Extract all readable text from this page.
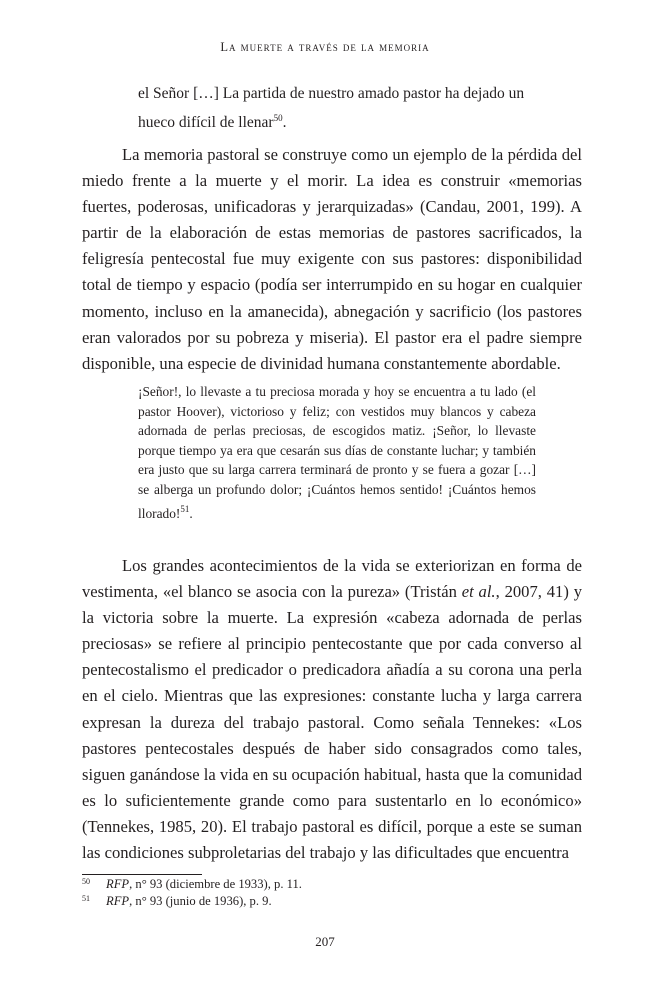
La muerte a través de la memoria
el Señor […] La partida de nuestro amado pastor ha dejado un hueco difícil de llenar$^{50}$.

La memoria pastoral se construye como un ejemplo de la pérdida del miedo frente a la muerte y el morir. La idea es construir «memorias fuertes, poderosas, unificadoras y jerarquizadas» (Candau, 2001, 199). A partir de la elaboración de estas memorias de pastores sacrificados, la feligresía pentecostal fue muy exigente con sus pastores: disponibilidad total de tiempo y espacio (podía ser interrumpido en su hogar en cualquier momento, incluso en la amanecida), abnegación y sacrificio (los pastores eran valorados por su pobreza y miseria). El pastor era el padre siempre disponible, una especie de divinidad humana constantemente abordable.

¡Señor!, lo llevaste a tu preciosa morada y hoy se encuentra a tu lado (el pastor Hoover), victorioso y feliz; con vestidos muy blancos y cabeza adornada de perlas preciosas, de escogidos matiz. ¡Señor, lo llevaste porque tiempo ya era que cesarán sus días de constante luchar; y también era justo que su larga carrera terminará de pronto y se fuera a gozar […] se alberga un profundo dolor; ¡Cuántos hemos sentido! ¡Cuántos hemos llorado!$^{51}$.

Los grandes acontecimientos de la vida se exteriorizan en forma de vestimenta, «el blanco se asocia con la pureza» (Tristán et al., 2007, 41) y la victoria sobre la muerte. La expresión «cabeza adornada de perlas preciosas» se refiere al principio pentecostante que por cada converso al pentecostalismo el predicador o predicadora añadía a su corona una perla en el cielo. Mientras que las expresiones: constante lucha y larga carrera expresan la dureza del trabajo pastoral. Como señala Tennekes: «Los pastores pentecostales después de haber sido consagrados como tales, siguen ganándose la vida en su ocupación habitual, hasta que la comunidad es lo suficientemente grande como para sustentarlo en lo económico» (Tennekes, 1985, 20). El trabajo pastoral es difícil, porque a este se suman las condiciones subproletarias del trabajo y las dificultades que encuentra

$^{50}$ RFP, n° 93 (diciembre de 1933), p. 11.
$^{51}$ RFP, n° 93 (junio de 1936), p. 9.
207
